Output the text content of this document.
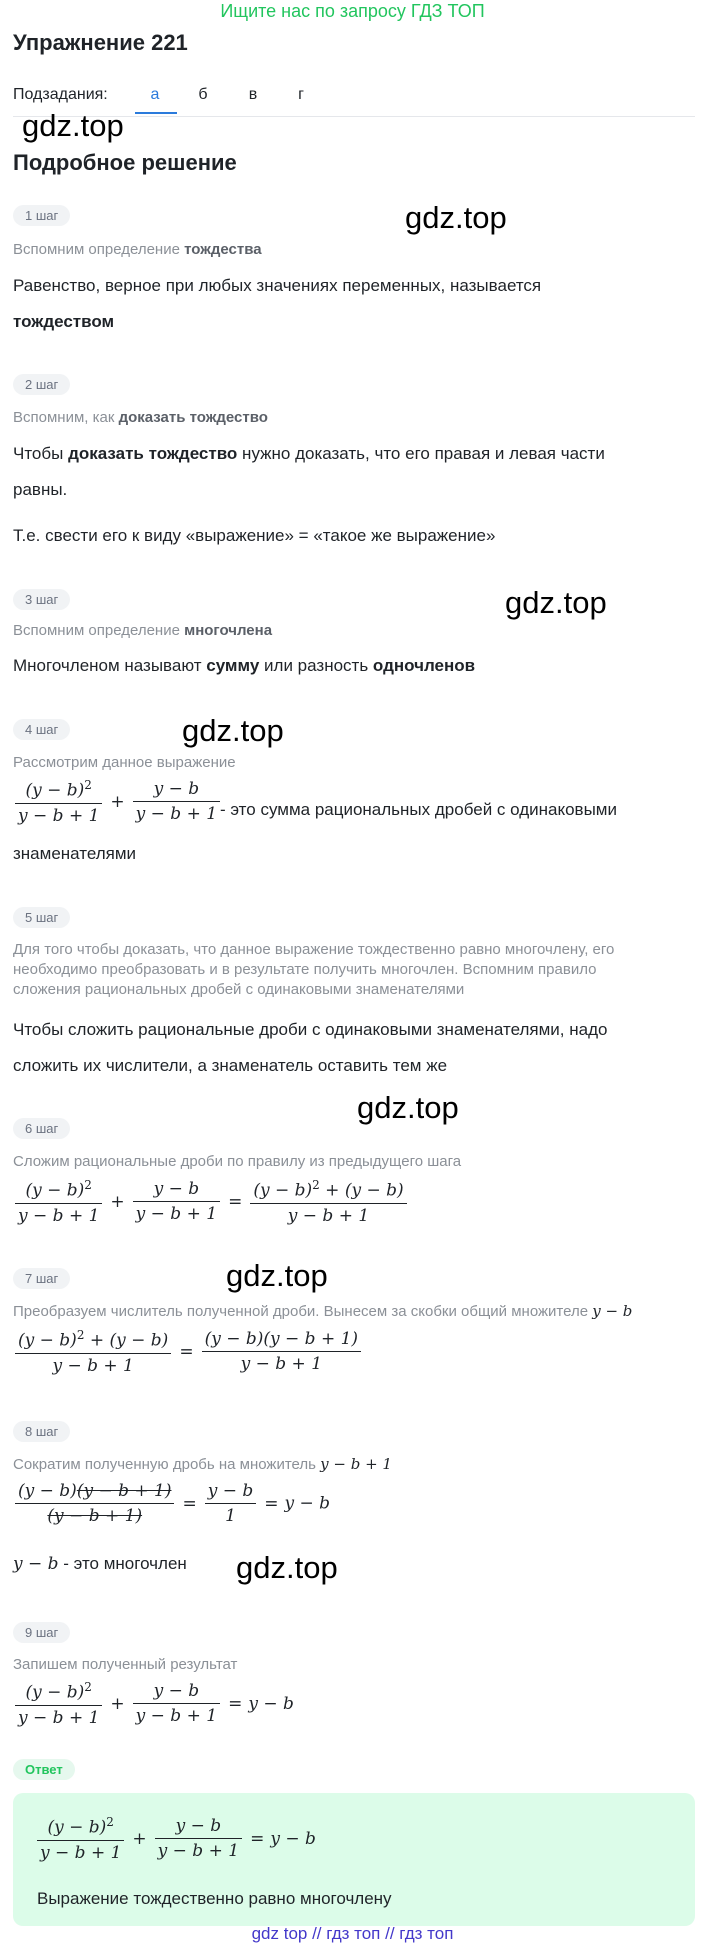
Ищите нас по запросу ГДЗ ТОП
Упражнение 221
Подзадания:	а	б	в	г
gdz.top
gdz.top
gdz.top
gdz.top
gdz.top
gdz.top
gdz.top
Подробное решение
1 шаг
Вспомним определение тождества
Равенство, верное при любых значениях переменных, называется
тождеством
2 шаг
Вспомним, как доказать тождество
Чтобы доказать тождество нужно доказать, что его правая и левая части
равны.
Т.е. свести его к виду «выражение» = «такое же выражение»
3 шаг
Вспомним определение многочлена
Многочленом называют сумму или разность одночленов
4 шаг
Рассмотрим данное выражение
$\frac{(y - b)^2}{y - b + 1} + \frac{y - b}{y - b + 1}$ - это сумма рациональных дробей с одинаковыми
знаменателями
5 шаг
Для того чтобы доказать, что данное выражение тождественно равно многочлену, его
необходимо преобразовать и в результате получить многочлен. Вспомним правило
сложения рациональных дробей с одинаковыми знаменателями
Чтобы сложить рациональные дроби с одинаковыми знаменателями, надо
сложить их числители, а знаменатель оставить тем же
6 шаг
Сложим рациональные дроби по правилу из предыдущего шага
$\frac{(y - b)^2}{y - b + 1} + \frac{y - b}{y - b + 1} = \frac{(y - b)^2 + (y - b)}{y - b + 1}$
7 шаг
Преобразуем числитель полученной дроби. Вынесем за скобки общий множителе y − b
$\frac{(y - b)^2 + (y - b)}{y - b + 1} = \frac{(y - b)(y - b + 1)}{y - b + 1}$
8 шаг
Сократим полученную дробь на множитель y − b + 1
$\frac{(y - b)(y - b + 1)}{(y - b + 1)} = \frac{y - b}{1} = y - b$
y − b - это многочлен
9 шаг
Запишем полученный результат
$\frac{(y - b)^2}{y - b + 1} + \frac{y - b}{y - b + 1} = y - b$
Ответ
$\frac{(y - b)^2}{y - b + 1} + \frac{y - b}{y - b + 1} = y - b$
Выражение тождественно равно многочлену
gdz top // гдз топ // гдз топ
